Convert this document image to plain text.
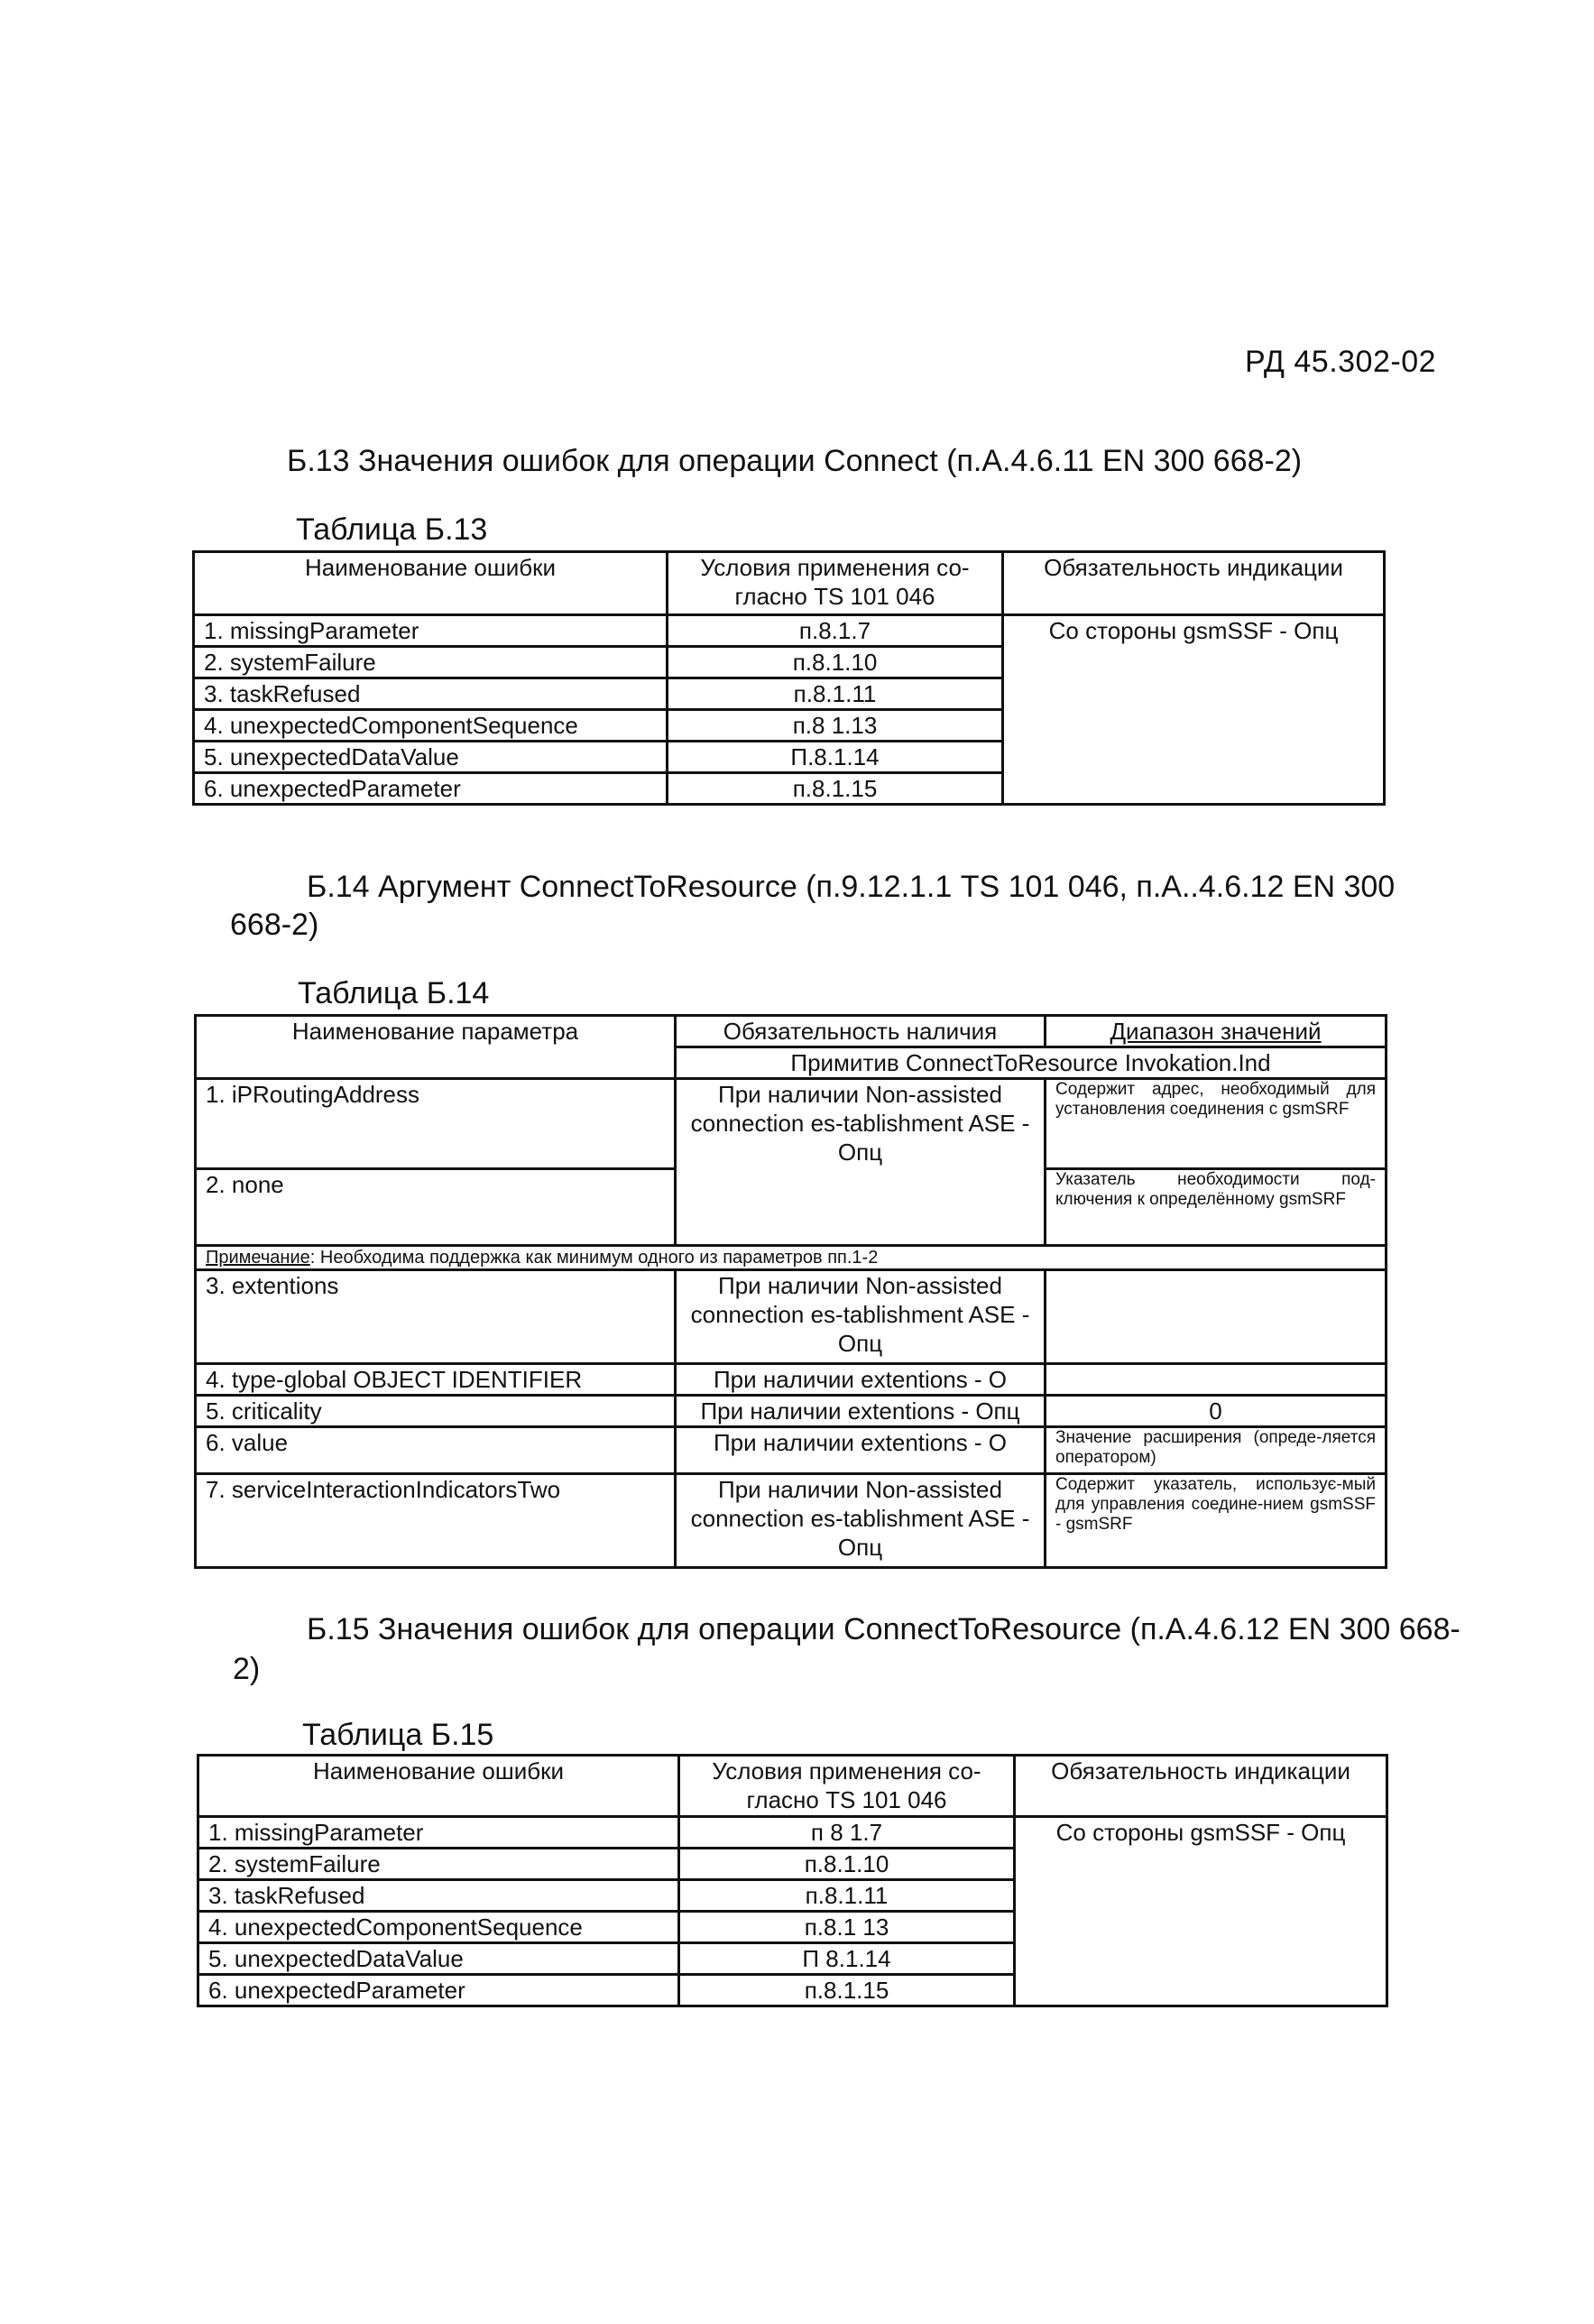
РД 45.302-02
Б.13 Значения ошибок для операции Connect (п.А.4.6.11 EN 300 668-2)
Таблица Б.13
Наименование ошибки	Условия применения со-гласно TS 101 046	Обязательность индикации
1. missingParameter	п.8.1.7	Со стороны gsmSSF - Опц
2. systemFailure	п.8.1.10	
3. taskRefused	п.8.1.11	
4. unexpectedComponentSequence	п.8 1.13	
5. unexpectedDataValue	П.8.1.14	
6. unexpectedParameter	п.8.1.15	
Б.14 Аргумент ConnectToResource (п.9.12.1.1 TS 101 046, п.А..4.6.12 EN 300
668-2)
Таблица Б.14
Наименование параметра	Обязательность наличия	Диапазон значений
	Примитив ConnectToResource Invokation.Ind	
1. iPRoutingAddress	При наличии Non-assisted connection es-tablishment ASE - Опц	Содержит адрес, необходимый для установления соединения с gsmSRF
2. none		Указатель необходимости под-ключения к определённому gsmSRF
Примечание: Необходима поддержка как минимум одного из параметров пп.1-2		
3. extentions	При наличии Non-assisted connection es-tablishment ASE - Опц	
4. type-global OBJECT IDENTIFIER	При наличии extentions - O	
5. criticality	При наличии extentions - Опц	0
6. value	При наличии extentions - O	Значение расширения (опреде-ляется оператором)
7. serviceInteractionIndicatorsTwo	При наличии Non-assisted connection es-tablishment ASE - Опц	Содержит указатель, использує-мый для управления соедине-нием gsmSSF - gsmSRF
Б.15 Значения ошибок для операции ConnectToResource (п.А.4.6.12 EN 300 668-
2)
Таблица Б.15
Наименование ошибки	Условия применения со-гласно TS 101 046	Обязательность индикации
1. missingParameter	п 8 1.7	Со стороны gsmSSF - Опц
2. systemFailure	п.8.1.10	
3. taskRefused	п.8.1.11	
4. unexpectedComponentSequence	п.8.1 13	
5. unexpectedDataValue	П 8.1.14	
6. unexpectedParameter	п.8.1.15	
